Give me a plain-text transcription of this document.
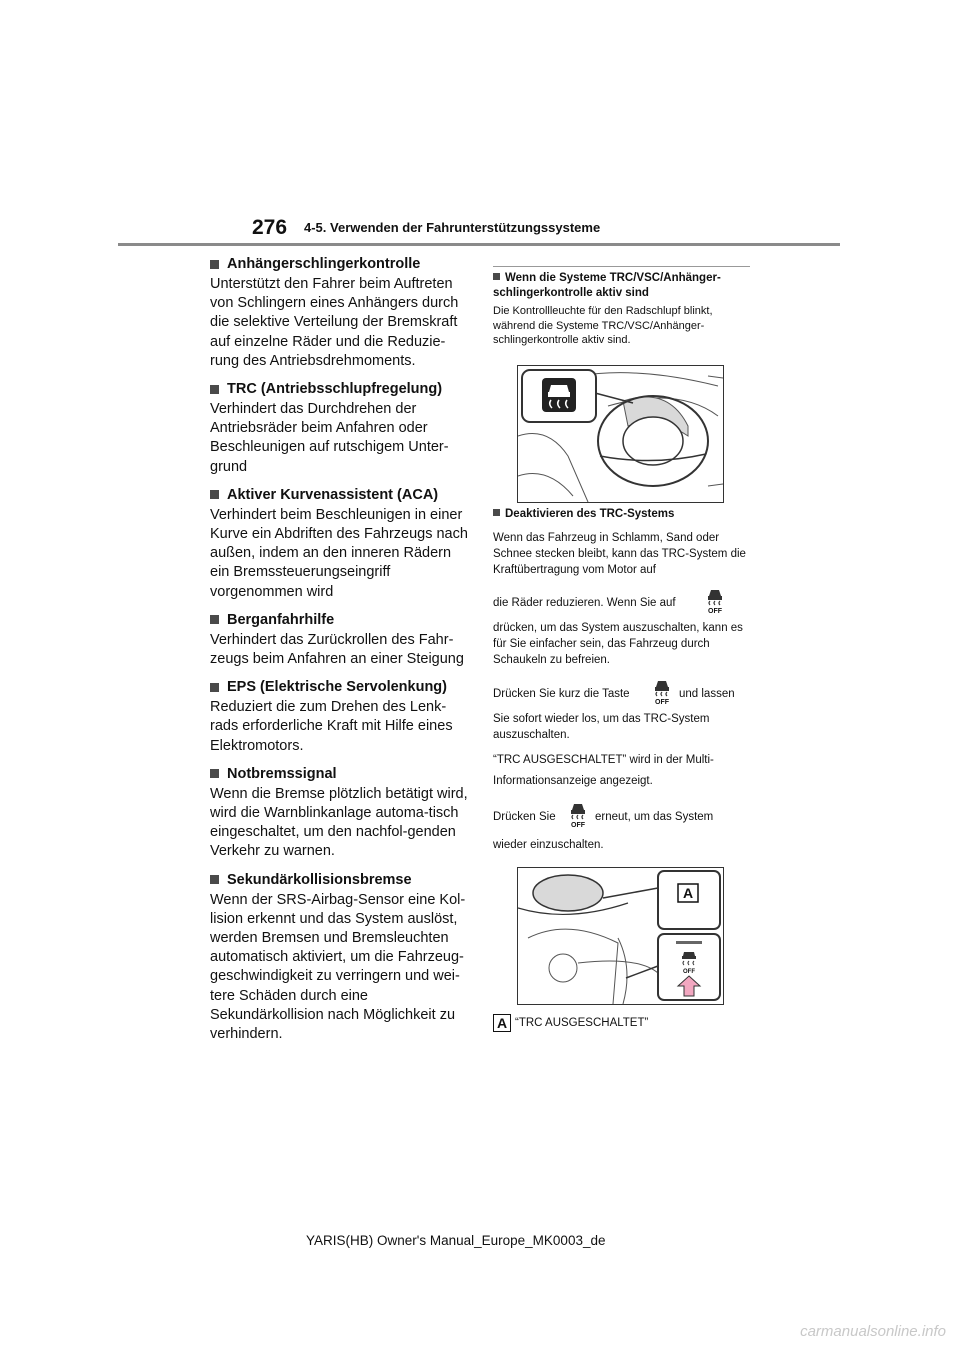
276 4-5. Verwenden der Fahrunterstützungssysteme
Anhängerschlingerkontrolle
Unterstützt den Fahrer beim Auftreten von Schlingern eines Anhängers durch die selektive Verteilung der Bremskraft auf einzelne Räder und die Reduzie-rung des Antriebsdrehmoments.
TRC (Antriebsschlupfregelung)
Verhindert das Durchdrehen der Antriebsräder beim Anfahren oder Beschleunigen auf rutschigem Unter-grund
Aktiver Kurvenassistent (ACA)
Verhindert beim Beschleunigen in einer Kurve ein Abdriften des Fahrzeugs nach außen, indem an den inneren Rädern ein Bremssteuerungseingriff vorgenommen wird
Berganfahrhilfe
Verhindert das Zurückrollen des Fahr-zeugs beim Anfahren an einer Steigung
EPS (Elektrische Servolenkung)
Reduziert die zum Drehen des Lenk-rads erforderliche Kraft mit Hilfe eines Elektromotors.
Notbremssignal
Wenn die Bremse plötzlich betätigt wird, wird die Warnblinkanlage automa-tisch eingeschaltet, um den nachfol-genden Verkehr zu warnen.
Sekundärkollisionsbremse
Wenn der SRS-Airbag-Sensor eine Kol-lision erkennt und das System auslöst, werden Bremsen und Bremsleuchten automatisch aktiviert, um die Fahrzeug-geschwindigkeit zu verringern und wei-tere Schäden durch eine Sekundärkollision nach Möglichkeit zu verhindern.
Wenn die Systeme TRC/VSC/Anhänger-schlingerkontrolle aktiv sind
Die Kontrollleuchte für den Radschlupf blinkt, während die Systeme TRC/VSC/Anhänger-schlingerkontrolle aktiv sind.
Deaktivieren des TRC-Systems
Wenn das Fahrzeug in Schlamm, Sand oder Schnee stecken bleibt, kann das TRC-System die Kraftübertragung vom Motor auf
die Räder reduzieren. Wenn Sie auf
OFF
drücken, um das System auszuschalten, kann es für Sie einfacher sein, das Fahrzeug durch Schaukeln zu befreien.
Drücken Sie kurz die Taste
OFF
und lassen
Sie sofort wieder los, um das TRC-System auszuschalten.
“TRC AUSGESCHALTET” wird in der Multi-Informationsanzeige angezeigt.
Drücken Sie
OFF
erneut, um das System
wieder einzuschalten.
A
OFF
A “TRC AUSGESCHALTET”
YARIS(HB) Owner's Manual_Europe_MK0003_de
carmanualsonline.info
